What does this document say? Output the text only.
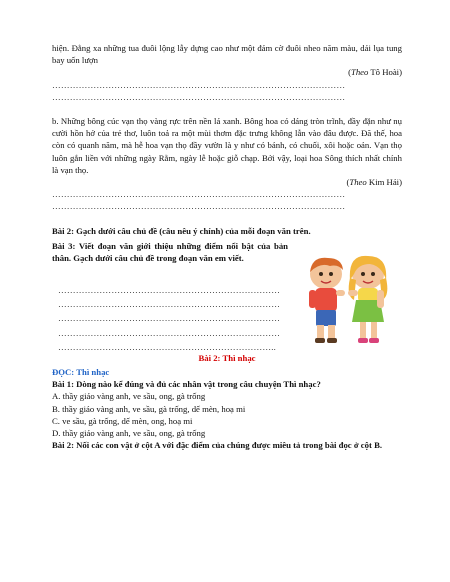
hiện. Đằng xa những tua đuôi lộng lẫy dựng cao như một đám cờ đuôi nheo năm màu, dải lụa tung bay uốn lượn

(Theo Tô Hoài)

………………………………………………………………………………………

………………………………………………………………………………………

b. Những bông cúc vạn thọ vàng rực trên nền lá xanh. Bông hoa có dáng tròn trĩnh, đầy đặn như nụ cười hồn hở của trẻ thơ, luôn toả ra một mùi thơm đặc trưng không lẫn vào đâu được. Đã thế, hoa còn có quanh năm, mà hễ hoa vạn thọ đầy vườn là y như có bánh, có chuối, xôi hoặc oản. Vạn thọ luôn gắn liền với những ngày Rằm, ngày lễ hoặc giỗ chạp. Bởi vậy, loại hoa Sông thích nhất chính là vạn thọ.

(Theo Kim Hải)

………………………………………………………………………………………

………………………………………………………………………………………

Bài 2: Gạch dưới câu chủ đề (câu nêu ý chính) của mỗi đoạn văn trên.

Bài 3: Viết đoạn văn giới thiệu những điểm nổi bật của bản thân. Gạch dưới câu chủ đề trong đoạn văn em viết.

…………………………………………………………………

…………………………………………………………………

…………………………………………………………………

…………………………………………………………………

………………………………………………………………..

Bài 2: Thì nhạc

ĐỌC: Thì nhạc

Bài 1: Dòng nào kể đúng và đủ các nhân vật trong câu chuyện Thì nhạc?

A. thầy giáo vàng anh, ve sầu, ong, gà trống

B. thầy giáo vàng anh, ve sầu, gà trống, dế mèn, hoạ mi

C. ve sầu, gà trống, dế mèn, ong, hoạ mi

D. thầy giáo vàng anh, ve sầu, ong, gà trống

Bài 2: Nối các con vật ở cột A với đặc điểm của chúng được miêu tả trong bài đọc ở cột B.
